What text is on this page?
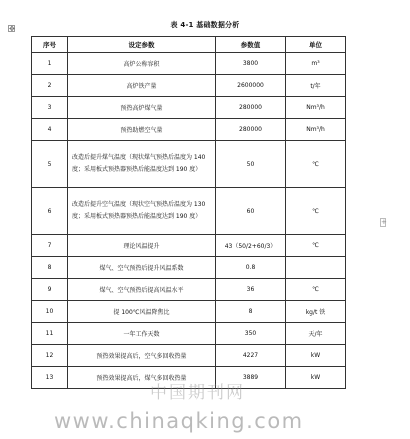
表 4-1 基础数据分析
✥
+
序号	设定参数	参数值	单位
1	高炉公称容积	3800	m³
2	高炉铁产量	2600000	t/年
3	预热高炉煤气量	280000	Nm³/h
4	预热助燃空气量	280000	Nm³/h
5	改造后提升煤气温度（现状煤气预热后温度为 140 度；采用板式预热器预热后能温度达到 190 度）	50	℃
6	改造后提升空气温度（现状空气预热后温度为 130 度；采用板式预热器预热后能温度达到 190 度）	60	℃
7	理论风温提升	43（50/2+60/3）	℃
8	煤气、空气预热后提升风温系数	0.8	
9	煤气、空气预热后提高风温水平	36	℃
10	提 100℃风温降焦比	8	kg/t 铁
11	一年工作天数	350	天/年
12	预热效果提高后，空气多回收热量	4227	kW
13	预热效果提高后，煤气多回收热量	3889	kW
中国期刊网
www.chinaqking.com
